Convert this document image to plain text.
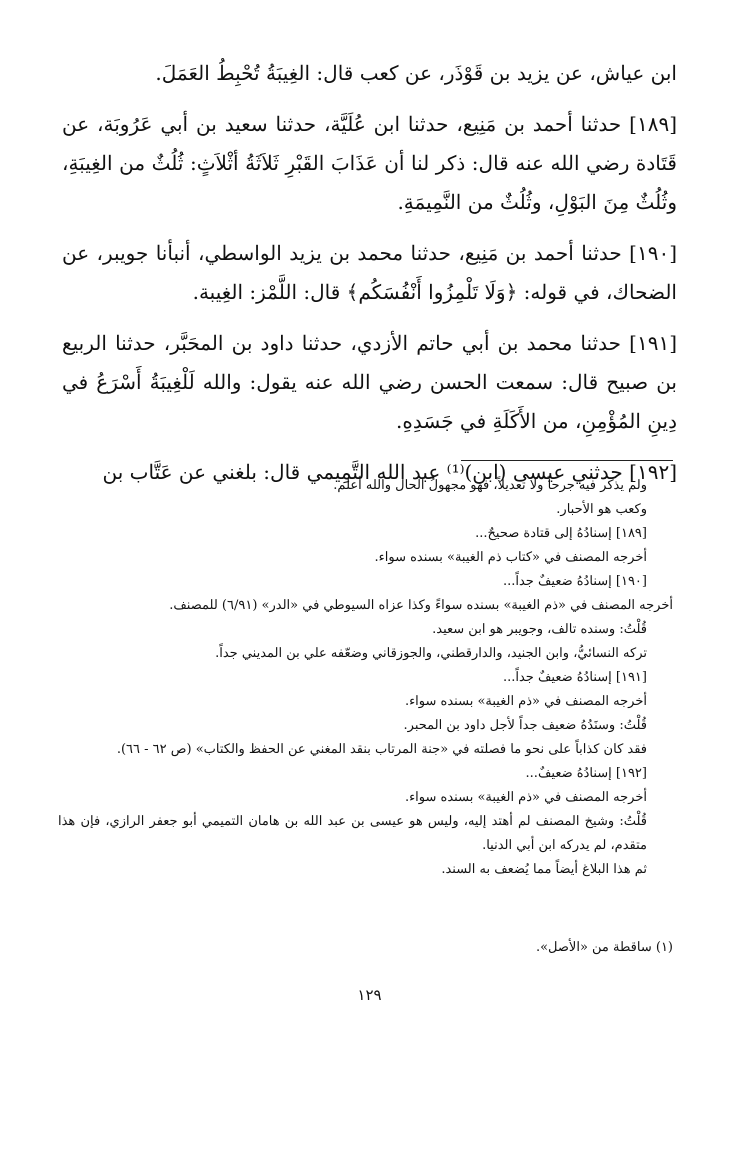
ابن عياش، عن يزيد بن قَوْذَر، عن كعب قال: الغِيبَةُ تُحْبِطُ العَمَلَ.

[١٨٩] حدثنا أحمد بن مَنِيع، حدثنا ابن عُلَيَّة، حدثنا سعيد بن أبي عَرُوبَة، عن قَتَادة رضي الله عنه قال: ذكر لنا أن عَذَابَ القَبْرِ ثَلاَثَةُ أثْلاَثٍ: ثُلُثٌ من الغِيبَةِ، وثُلُثٌ مِنَ البَوْلِ، وثُلُثٌ من النَّمِيمَةِ.

[١٩٠] حدثنا أحمد بن مَنِيع، حدثنا محمد بن يزيد الواسطي، أنبأنا جويبر، عن الضحاك، في قوله: ﴿وَلَا تَلْمِزُوا أَنْفُسَكُم﴾ قال: اللَّمْز: الغِيبة.

[١٩١] حدثنا محمد بن أبي حاتم الأزدي، حدثنا داود بن المحَبَّر، حدثنا الربيع بن صبيح قال: سمعت الحسن رضي الله عنه يقول: والله لَلْغِيبَةُ أَسْرَعُ في دِينِ المُؤْمِنِ، من الأَكَلَةِ في جَسَدِهِ.

[١٩٢] حدثني عيسى (ابن)⁽¹⁾ عبد الله التَّمِيمي قال: بلغني عن عَتَّاب بن

ولم يذكر فيه جرحاً ولا تعديلاً، فهو مجهولُ الحال والله أعلم.

وكعب هو الأحبار.

[١٨٩] إسنادُهُ إلى قتادة صحيحٌ...

أخرجه المصنف في «كتاب ذم الغيبة» بسنده سواء.

[١٩٠] إسنادُهُ ضعيفٌ جداً...

أخرجه المصنف في «ذم الغيبة» بسنده سواءً وكذا عزاه السيوطي في «الدر» (٦/٩١) للمصنف.

قُلْتُ: وسنده تالف، وجويبر هو ابن سعيد.

تركه النسائيُّ، وابن الجنيد، والدارقطني، والجوزقاني وضعّفه علي بن المديني جداً.

[١٩١] إسنادُهُ ضعيفٌ جداً...

أخرجه المصنف في «ذم الغيبة» بسنده سواء.

قُلْتُ: وسنَدُهُ ضعيف جداً لأجل داود بن المحبر.

فقد كان كذاباً على نحو ما فصلته في «جنة المرتاب بنقد المغني عن الحفظ والكتاب» (ص ٦٢ - ٦٦).

[١٩٢] إسنادُهُ ضعيفٌ...

أخرجه المصنف في «ذم الغيبة» بسنده سواء.

قُلْتُ: وشيخ المصنف لم أهتد إليه، وليس هو عيسى بن عبد الله بن هامان التميمي أبو جعفر الرازي، فإن هذا متقدم، لم يدركه ابن أبي الدنيا.

ثم هذا البلاغ أيضاً مما يُضعف به السند.

(١) ساقطة من «الأصل».
١٢٩
